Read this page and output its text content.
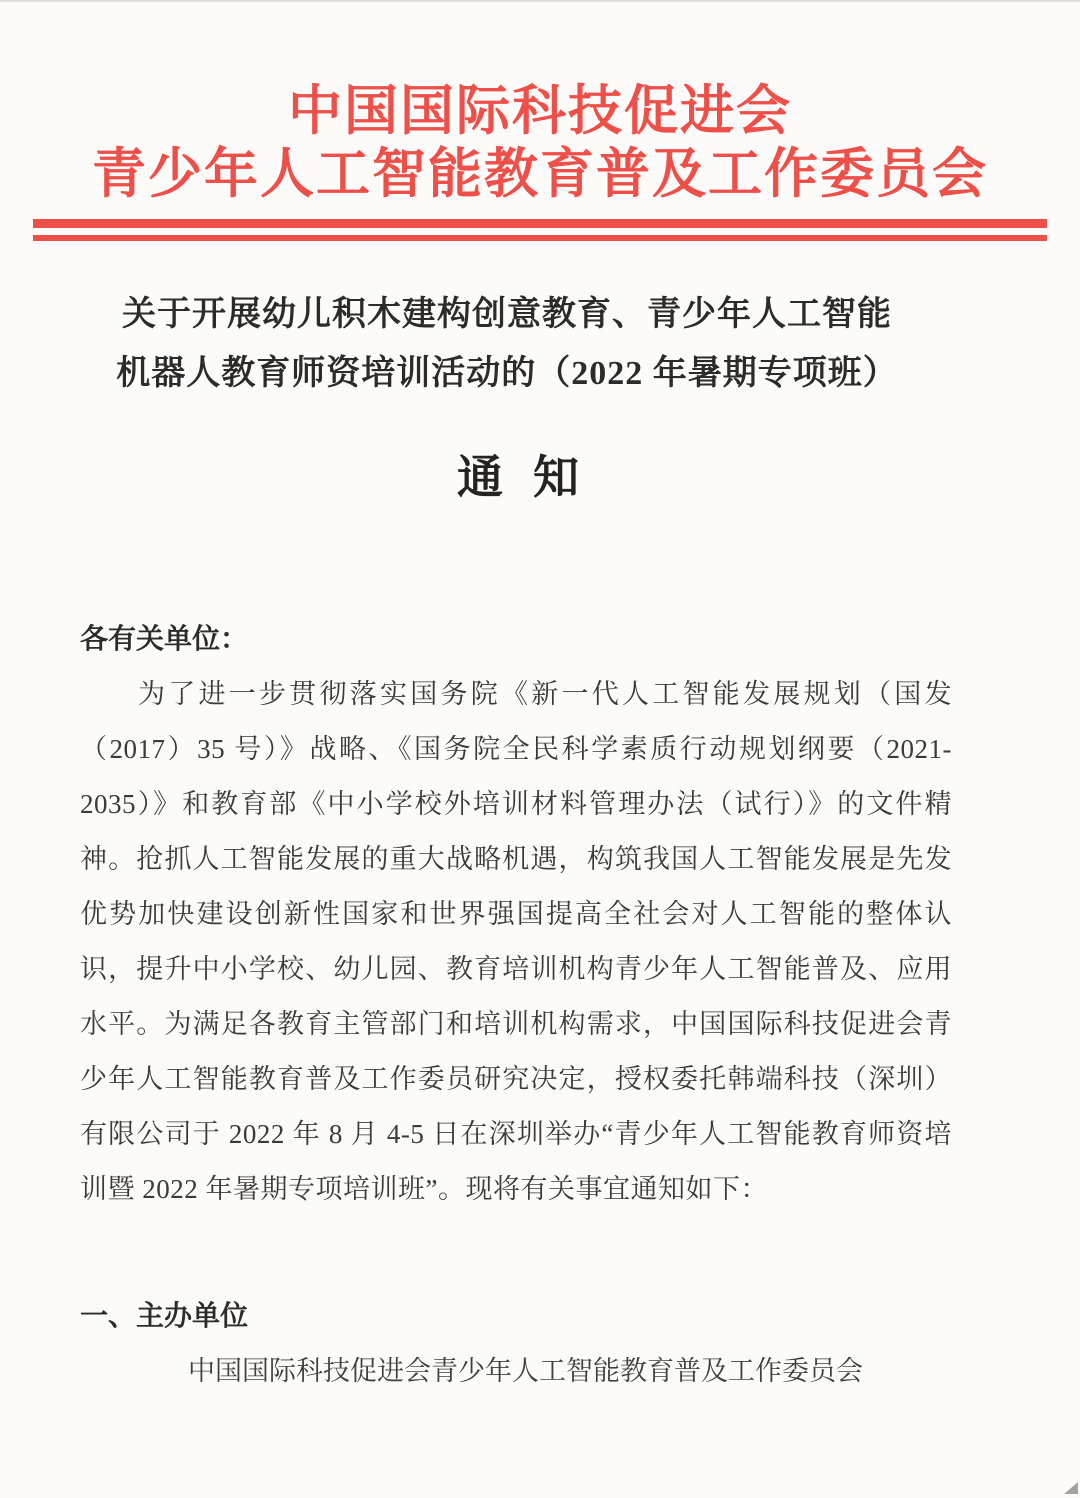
中国国际科技促进会
青少年人工智能教育普及工作委员会
关于开展幼儿积木建构创意教育、青少年人工智能
机器人教育师资培训活动的（2022 年暑期专项班）
通知
各有关单位：

为了进一步贯彻落实国务院《新一代人工智能发展规划（国发（2017）35 号）》战略、《国务院全民科学素质行动规划纲要（2021-2035）》和教育部《中小学校外培训材料管理办法（试行）》的文件精神。抢抓人工智能发展的重大战略机遇，构筑我国人工智能发展是先发优势加快建设创新性国家和世界强国提高全社会对人工智能的整体认识，提升中小学校、幼儿园、教育培训机构青少年人工智能普及、应用水平。为满足各教育主管部门和培训机构需求，中国国际科技促进会青少年人工智能教育普及工作委员研究决定，授权委托韩端科技（深圳）有限公司于 2022 年 8 月 4-5 日在深圳举办“青少年人工智能教育师资培训暨 2022 年暑期专项培训班”。现将有关事宜通知如下：

一、主办单位
中国国际科技促进会青少年人工智能教育普及工作委员会
